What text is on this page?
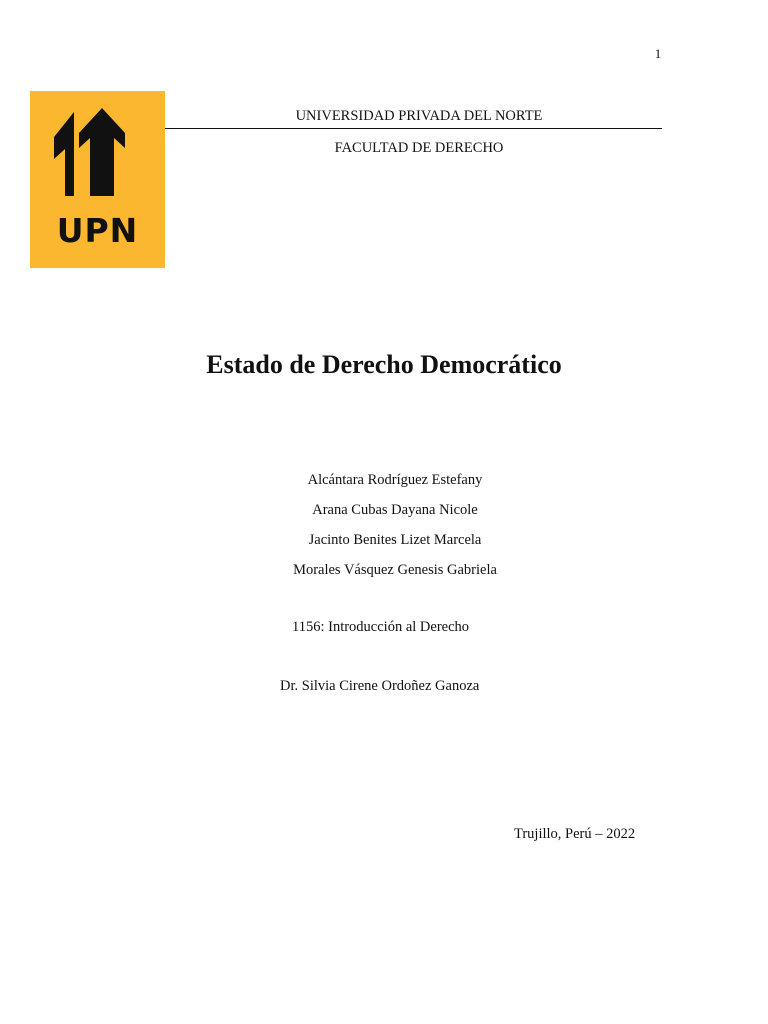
1
UPN
UNIVERSIDAD PRIVADA DEL NORTE
FACULTAD DE DERECHO
Estado de Derecho Democrático
Alcántara Rodríguez Estefany
Arana Cubas Dayana Nicole
Jacinto Benites Lizet Marcela
Morales Vásquez Genesis Gabriela
1156: Introducción al Derecho
Dr. Silvia Cirene Ordoñez Ganoza
Trujillo, Perú – 2022
